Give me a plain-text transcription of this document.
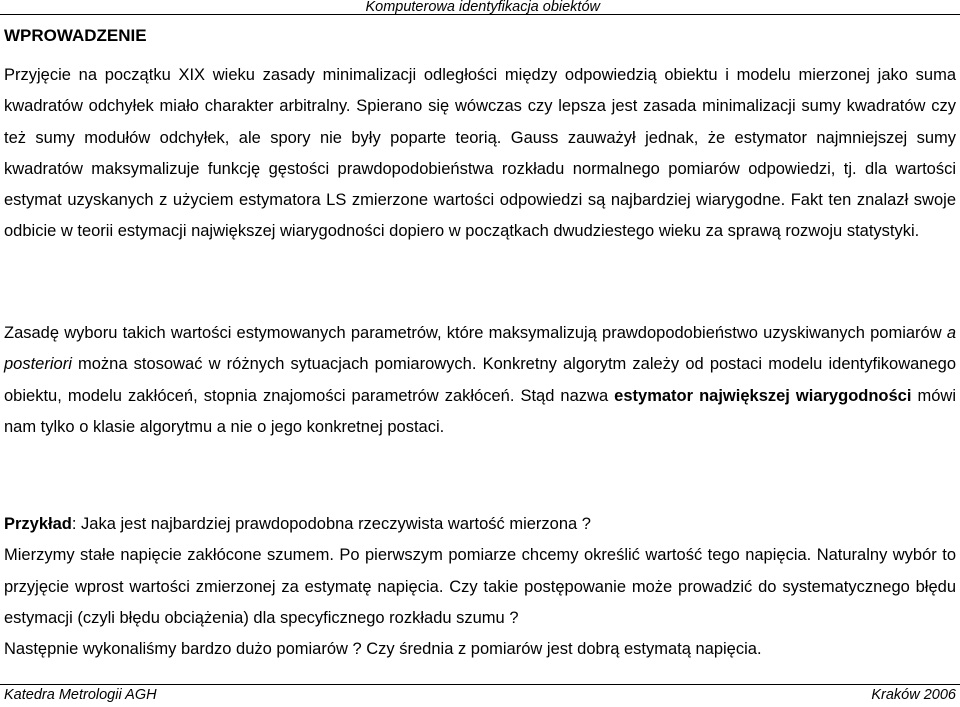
Komputerowa identyfikacja obiektów
WPROWADZENIE
Przyjęcie na początku XIX wieku zasady minimalizacji odległości między odpowiedzią obiektu i modelu mierzonej jako suma kwadratów odchyłek miało charakter arbitralny. Spierano się wówczas czy lepsza jest zasada minimalizacji sumy kwadratów czy też sumy modułów odchyłek, ale spory nie były poparte teorią. Gauss zauważył jednak, że estymator najmniejszej sumy kwadratów maksymalizuje funkcję gęstości prawdopodobieństwa rozkładu normalnego pomiarów odpowiedzi, tj. dla wartości estymat uzyskanych z użyciem estymatora LS zmierzone wartości odpowiedzi są najbardziej wiarygodne. Fakt ten znalazł swoje odbicie w teorii estymacji największej wiarygodności dopiero w początkach dwudziestego wieku za sprawą rozwoju statystyki.
Zasadę wyboru takich wartości estymowanych parametrów, które maksymalizują prawdopodobieństwo uzyskiwanych pomiarów a posteriori można stosować w różnych sytuacjach pomiarowych. Konkretny algorytm zależy od postaci modelu identyfikowanego obiektu, modelu zakłóceń, stopnia znajomości parametrów zakłóceń. Stąd nazwa estymator największej wiarygodności mówi nam tylko o klasie algorytmu a nie o jego konkretnej postaci.
Przykład: Jaka jest najbardziej prawdopodobna rzeczywista wartość mierzona ?
Mierzymy stałe napięcie zakłócone szumem. Po pierwszym pomiarze chcemy określić wartość tego napięcia. Naturalny wybór to przyjęcie wprost wartości zmierzonej za estymatę napięcia. Czy takie postępowanie może prowadzić do systematycznego błędu estymacji (czyli błędu obciążenia) dla specyficznego rozkładu szumu ?
Następnie wykonaliśmy bardzo dużo pomiarów ? Czy średnia z pomiarów jest dobrą estymatą napięcia.
Katedra Metrologii AGH	Kraków 2006
